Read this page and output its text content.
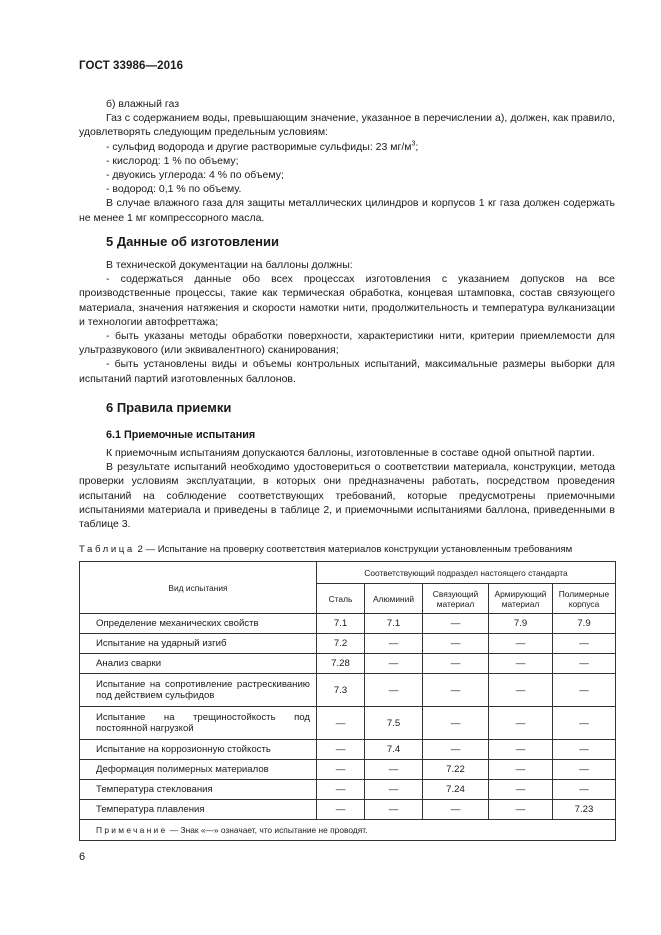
ГОСТ 33986—2016

б) влажный газ

Газ с содержанием воды, превышающим значение, указанное в перечислении а), должен, как правило, удовлетворять следующим предельным условиям:

- сульфид водорода и другие растворимые сульфиды: 23 $мг/м^3$;

- кислород: 1 % по объему;

- двуокись углерода: 4 % по объему;

- водород: 0,1 % по объему.

В случае влажного газа для защиты металлических цилиндров и корпусов 1 кг газа должен содержать не менее 1 мг компрессорного масла.

5 Данные об изготовлении

В технической документации на баллоны должны:

- содержаться данные обо всех процессах изготовления с указанием допусков на все производственные процессы, такие как термическая обработка, концевая штамповка, состав связующего материала, значения натяжения и скорости намотки нити, продолжительность и температура вулканизации и технологии автофреттажа;

- быть указаны методы обработки поверхности, характеристики нити, критерии приемлемости для ультразвукового (или эквивалентного) сканирования;

- быть установлены виды и объемы контрольных испытаний, максимальные размеры выборки для испытаний партий изготовленных баллонов.

6 Правила приемки
6.1 Приемочные испытания

К приемочным испытаниям допускаются баллоны, изготовленные в составе одной опытной партии.

В результате испытаний необходимо удостовериться о соответствии материала, конструкции, метода проверки условиям эксплуатации, в которых они предназначены работать, посредством проведения испытаний на соблюдение соответствующих требований, которые предусмотрены приемочными испытаниями материала и приведены в таблице 2, и приемочными испытаниями баллона, приведенными в таблице 3.

Таблица 2 — Испытание на проверку соответствия материалов конструкции установленным требованиям
Вид испытания	Соответствующий подраздел настоящего стандарта				
	Сталь	Алюминий	Связующий материал	Армирующий материал	Полимерные корпуса
Определение механических свойств	7.1	7.1	—	7.9	7.9
Испытание на ударный изгиб	7.2	—	—	—	—
Анализ сварки	7.28	—	—	—	—
Испытание на сопротивление растрескиванию под действием сульфидов	7.3	—	—	—	—
Испытание на трещиностойкость под постоянной нагрузкой	—	7.5	—	—	—
Испытание на коррозионную стойкость	—	7.4	—	—	—
Деформация полимерных материалов	—	—	7.22	—	—
Температура стеклования	—	—	7.24	—	—
Температура плавления	—	—	—	—	7.23
Примечание — Знак «—» означает, что испытание не проводят.					
6
